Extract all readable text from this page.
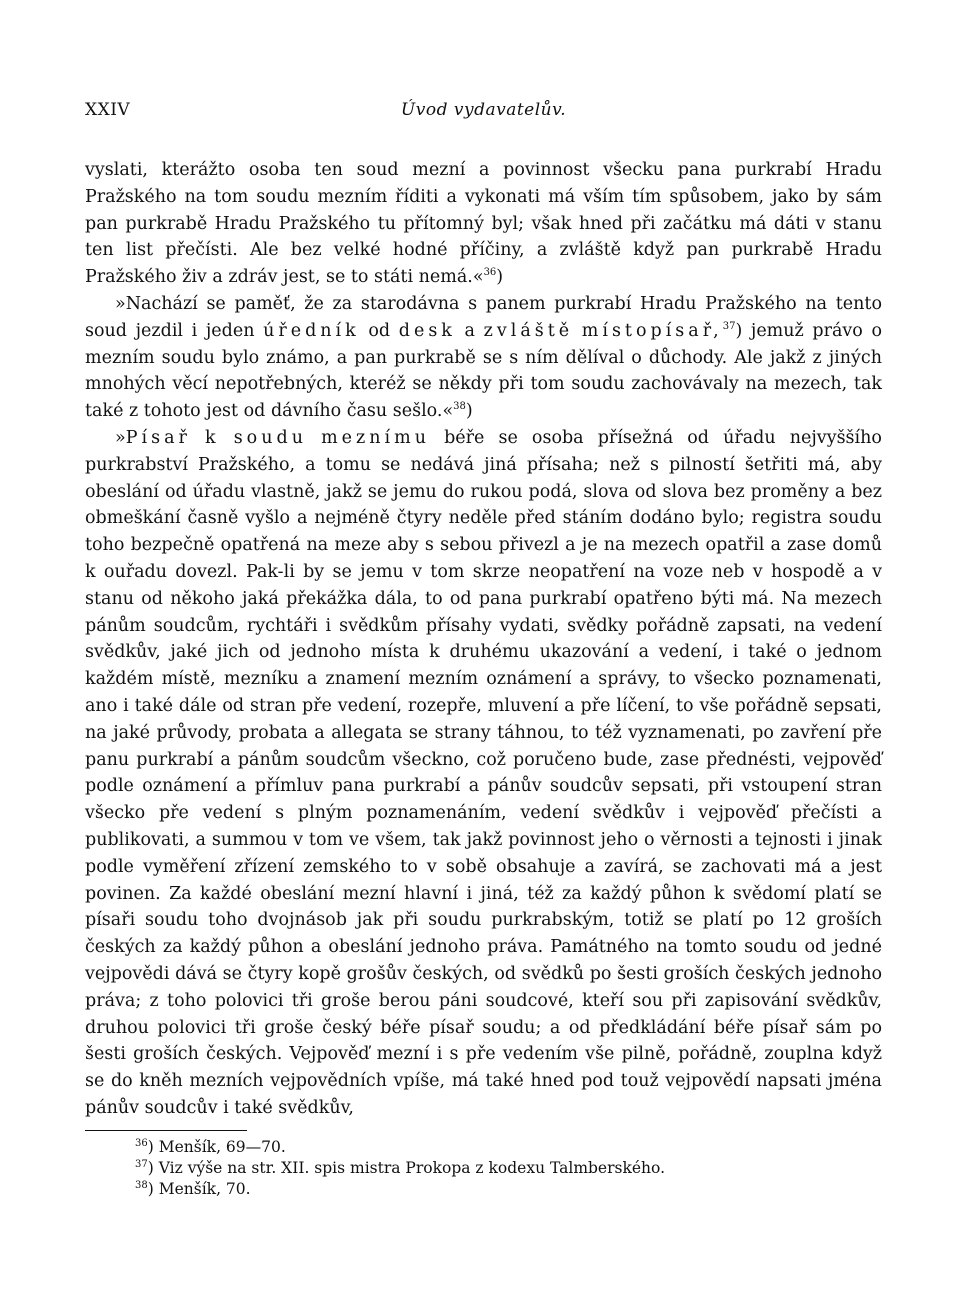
XXIV	Úvod vydavatelův.

vyslati, kterážto osoba ten soud mezní a povinnost všecku pana purkrabí Hradu Pražského na tom soudu mezním říditi a vykonati má vším tím spůsobem, jako by sám pan purkrabě Hradu Pražského tu přítomný byl; však hned při začátku má dáti v stanu ten list přečísti. Ale bez velké hodné příčiny, a zvláště když pan purkrabě Hradu Pražského živ a zdráv jest, se to státi nemá.«$^{36}$)

»Nachází se paměť, že za starodávna s panem purkrabí Hradu Pražského na tento soud jezdil i jeden úředník od desk a zvláště místopísař,$^{37}$) jemuž právo o mezním soudu bylo známo, a pan purkrabě se s ním dělíval o důchody. Ale jakž z jiných mnohých věcí nepotřebných, kteréž se někdy při tom soudu zachovávaly na mezech, tak také z tohoto jest od dávního času sešlo.«$^{38}$)

»Písař k soudu meznímu béře se osoba přísežná od úřadu nejvyššího purkrabství Pražského, a tomu se nedává jiná přísaha; než s pilností šetřiti má, aby obeslání od úřadu vlastně, jakž se jemu do rukou podá, slova od slova bez proměny a bez obmeškání časně vyšlo a nejméně čtyry neděle před stáním dodáno bylo; registra soudu toho bezpečně opatřená na meze aby s sebou přivezl a je na mezech opatřil a zase domů k ouřadu dovezl. Pak-li by se jemu v tom skrze neopatření na voze neb v hospodě a v stanu od někoho jaká překážka dála, to od pana purkrabí opatřeno býti má. Na mezech pánům soudcům, rychtáři i svědkům přísahy vydati, svědky pořádně zapsati, na vedení svědkův, jaké jich od jednoho místa k druhému ukazování a vedení, i také o jednom každém místě, mezníku a znamení mezním oznámení a správy, to všecko poznamenati, ano i také dále od stran pře vedení, rozepře, mluvení a pře líčení, to vše pořádně sepsati, na jaké průvody, probata a allegata se strany táhnou, to též vyznamenati, po zavření pře panu purkrabí a pánům soudcům všeckno, což poručeno bude, zase přednésti, vejpověď podle oznámení a přímluv pana purkrabí a pánův soudcův sepsati, při vstoupení stran všecko pře vedení s plným poznamenáním, vedení svědkův i vejpověď přečísti a publikovati, a summou v tom ve všem, tak jakž povinnost jeho o věrnosti a tejnosti i jinak podle vyměření zřízení zemského to v sobě obsahuje a zavírá, se zachovati má a jest povinen. Za každé obeslání mezní hlavní i jiná, též za každý půhon k svědomí platí se písaři soudu toho dvojnásob jak při soudu purkrabským, totiž se platí po 12 groších českých za každý půhon a obeslání jednoho práva. Památného na tomto soudu od jedné vejpovědi dává se čtyry kopě grošův českých, od svědků po šesti groších českých jednoho práva; z toho polovici tři groše berou páni soudcové, kteří sou při zapisování svědkův, druhou polovici tři groše český béře písař soudu; a od předkládání béře písař sám po šesti groších českých. Vejpověď mezní i s pře vedením vše pilně, pořádně, zouplna když se do kněh mezních vejpovědních vpíše, má také hned pod touž vejpovědí napsati jména pánův soudcův i také svědkův,

$^{36}$) Menšík, 69—70.
$^{37}$) Viz výše na str. XII. spis mistra Prokopa z kodexu Talmberského.
$^{38}$) Menšík, 70.
